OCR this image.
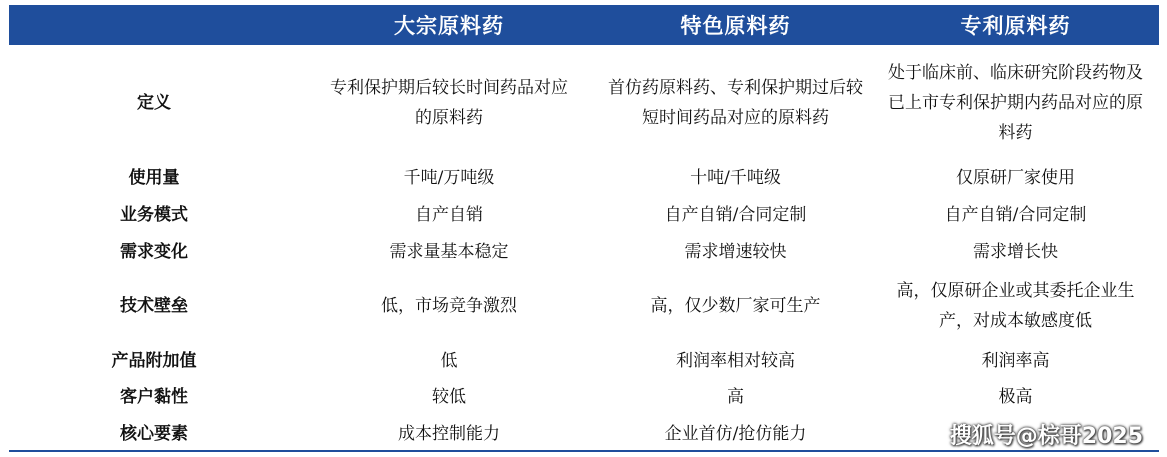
	大宗原料药	特色原料药	专利原料药
定义	专利保护期后较长时间药品对应的原料药	首仿药原料药、专利保护期过后较短时间药品对应的原料药	处于临床前、临床研究阶段药物及已上市专利保护期内药品对应的原料药
使用量	千吨/万吨级	十吨/千吨级	仅原研厂家使用
业务模式	自产自销	自产自销/合同定制	自产自销/合同定制
需求变化	需求量基本稳定	需求增速较快	需求增长快
技术壁垒	低，市场竞争激烈	高，仅少数厂家可生产	高，仅原研企业或其委托企业生产，对成本敏感度低
产品附加值	低	利润率相对较高	利润率高
客户黏性	较低	高	极高
核心要素	成本控制能力	企业首仿/抢仿能力		搜狐号@棕哥2025
